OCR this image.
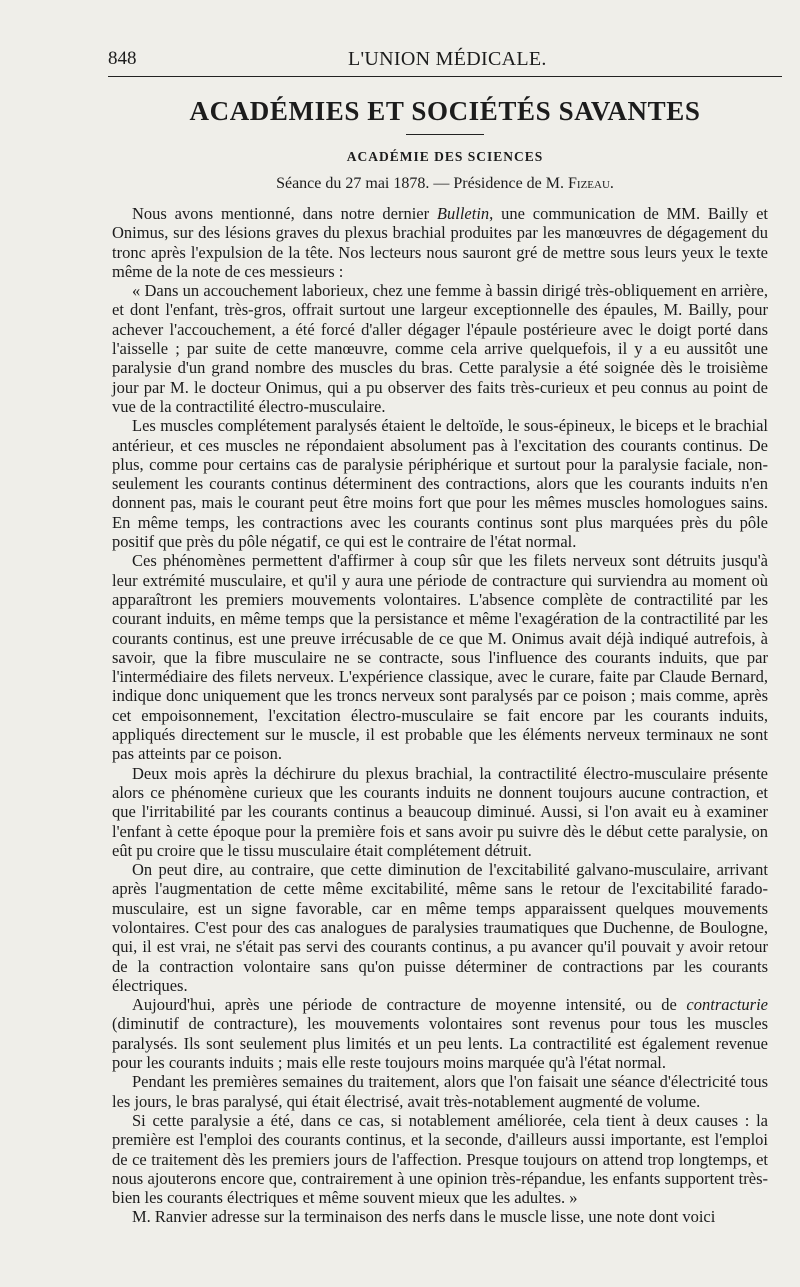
848	L'UNION MÉDICALE.
ACADÉMIES ET SOCIÉTÉS SAVANTES
ACADÉMIE DES SCIENCES
Séance du 27 mai 1878. — Présidence de M. Fizeau.

Nous avons mentionné, dans notre dernier Bulletin, une communication de MM. Bailly et Onimus, sur des lésions graves du plexus brachial produites par les manœuvres de dégagement du tronc après l'expulsion de la tête. Nos lecteurs nous sauront gré de mettre sous leurs yeux le texte même de la note de ces messieurs :

« Dans un accouchement laborieux, chez une femme à bassin dirigé très-obliquement en arrière, et dont l'enfant, très-gros, offrait surtout une largeur exceptionnelle des épaules, M. Bailly, pour achever l'accouchement, a été forcé d'aller dégager l'épaule postérieure avec le doigt porté dans l'aisselle ; par suite de cette manœuvre, comme cela arrive quelquefois, il y a eu aussitôt une paralysie d'un grand nombre des muscles du bras. Cette paralysie a été soignée dès le troisième jour par M. le docteur Onimus, qui a pu observer des faits très-curieux et peu connus au point de vue de la contractilité électro-musculaire.

Les muscles complétement paralysés étaient le deltoïde, le sous-épineux, le biceps et le brachial antérieur, et ces muscles ne répondaient absolument pas à l'excitation des courants continus. De plus, comme pour certains cas de paralysie périphérique et surtout pour la paralysie faciale, non-seulement les courants continus déterminent des contractions, alors que les courants induits n'en donnent pas, mais le courant peut être moins fort que pour les mêmes muscles homologues sains. En même temps, les contractions avec les courants continus sont plus marquées près du pôle positif que près du pôle négatif, ce qui est le contraire de l'état normal.

Ces phénomènes permettent d'affirmer à coup sûr que les filets nerveux sont détruits jusqu'à leur extrémité musculaire, et qu'il y aura une période de contracture qui surviendra au moment où apparaîtront les premiers mouvements volontaires. L'absence complète de contractilité par les courant induits, en même temps que la persistance et même l'exagération de la contractilité par les courants continus, est une preuve irrécusable de ce que M. Onimus avait déjà indiqué autrefois, à savoir, que la fibre musculaire ne se contracte, sous l'influence des courants induits, que par l'intermédiaire des filets nerveux. L'expérience classique, avec le curare, faite par Claude Bernard, indique donc uniquement que les troncs nerveux sont paralysés par ce poison ; mais comme, après cet empoisonnement, l'excitation électro-musculaire se fait encore par les courants induits, appliqués directement sur le muscle, il est probable que les éléments nerveux terminaux ne sont pas atteints par ce poison.

Deux mois après la déchirure du plexus brachial, la contractilité électro-musculaire présente alors ce phénomène curieux que les courants induits ne donnent toujours aucune contraction, et que l'irritabilité par les courants continus a beaucoup diminué. Aussi, si l'on avait eu à examiner l'enfant à cette époque pour la première fois et sans avoir pu suivre dès le début cette paralysie, on eût pu croire que le tissu musculaire était complétement détruit.

On peut dire, au contraire, que cette diminution de l'excitabilité galvano-musculaire, arrivant après l'augmentation de cette même excitabilité, même sans le retour de l'excitabilité farado-musculaire, est un signe favorable, car en même temps apparaissent quelques mouvements volontaires. C'est pour des cas analogues de paralysies traumatiques que Duchenne, de Boulogne, qui, il est vrai, ne s'était pas servi des courants continus, a pu avancer qu'il pouvait y avoir retour de la contraction volontaire sans qu'on puisse déterminer de contractions par les courants électriques.

Aujourd'hui, après une période de contracture de moyenne intensité, ou de contracturie (diminutif de contracture), les mouvements volontaires sont revenus pour tous les muscles paralysés. Ils sont seulement plus limités et un peu lents. La contractilité est également revenue pour les courants induits ; mais elle reste toujours moins marquée qu'à l'état normal.

Pendant les premières semaines du traitement, alors que l'on faisait une séance d'électricité tous les jours, le bras paralysé, qui était électrisé, avait très-notablement augmenté de volume.

Si cette paralysie a été, dans ce cas, si notablement améliorée, cela tient à deux causes : la première est l'emploi des courants continus, et la seconde, d'ailleurs aussi importante, est l'emploi de ce traitement dès les premiers jours de l'affection. Presque toujours on attend trop longtemps, et nous ajouterons encore que, contrairement à une opinion très-répandue, les enfants supportent très-bien les courants électriques et même souvent mieux que les adultes. »

M. Ranvier adresse sur la terminaison des nerfs dans le muscle lisse, une note dont voici
